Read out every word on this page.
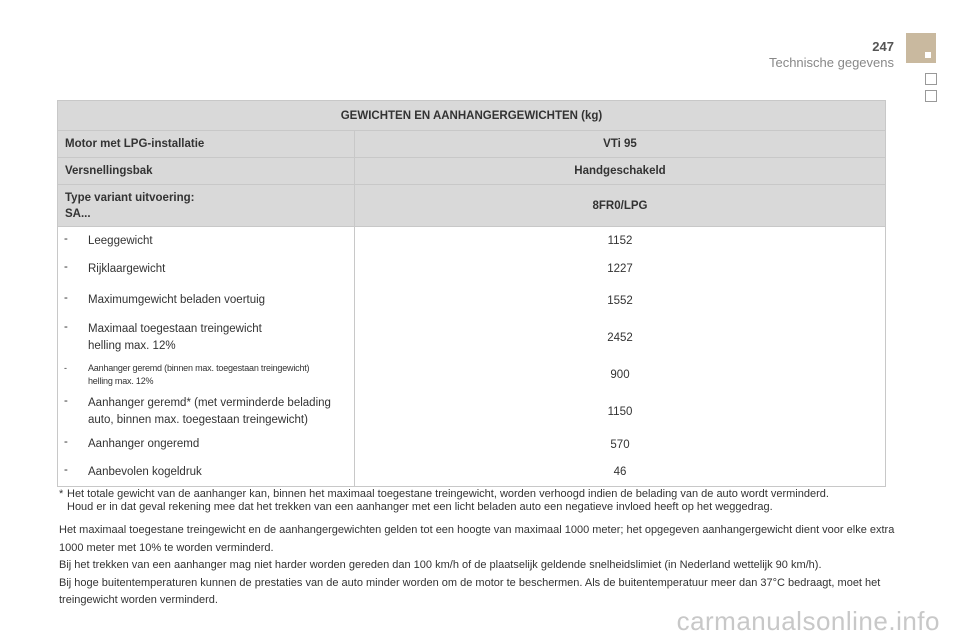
247
Technische gegevens
GEWICHTEN EN AANHANGERGEWICHTEN (kg)	
Motor met LPG-installatie	VTi 95
Versnellingsbak	Handgeschakeld
Type variant uitvoering:
SA...	8FR0/LPG
- Leeggewicht	1152
- Rijklaargewicht	1227
- Maximumgewicht beladen voertuig	1552
- Maximaal toegestaan treingewicht
helling max. 12%	2452
- Aanhanger geremd (binnen max. toegestaan treingewicht)
helling max. 12%	900
- Aanhanger geremd* (met verminderde belading
auto, binnen max. toegestaan treingewicht)	1150
- Aanhanger ongeremd	570
- Aanbevolen kogeldruk	46
* Het totale gewicht van de aanhanger kan, binnen het maximaal toegestane treingewicht, worden verhoogd indien de belading van de auto wordt verminderd.
Houd er in dat geval rekening mee dat het trekken van een aanhanger met een licht beladen auto een negatieve invloed heeft op het weggedrag.

Het maximaal toegestane treingewicht en de aanhangergewichten gelden tot een hoogte van maximaal 1000 meter; het opgegeven aanhangergewicht dient voor elke extra 1000 meter met 10% te worden verminderd.

Bij het trekken van een aanhanger mag niet harder worden gereden dan 100 km/h of de plaatselijk geldende snelheidslimiet (in Nederland wettelijk 90 km/h).

Bij hoge buitentemperaturen kunnen de prestaties van de auto minder worden om de motor te beschermen. Als de buitentemperatuur meer dan 37°C bedraagt, moet het treingewicht worden verminderd.

carmanualsonline.info
